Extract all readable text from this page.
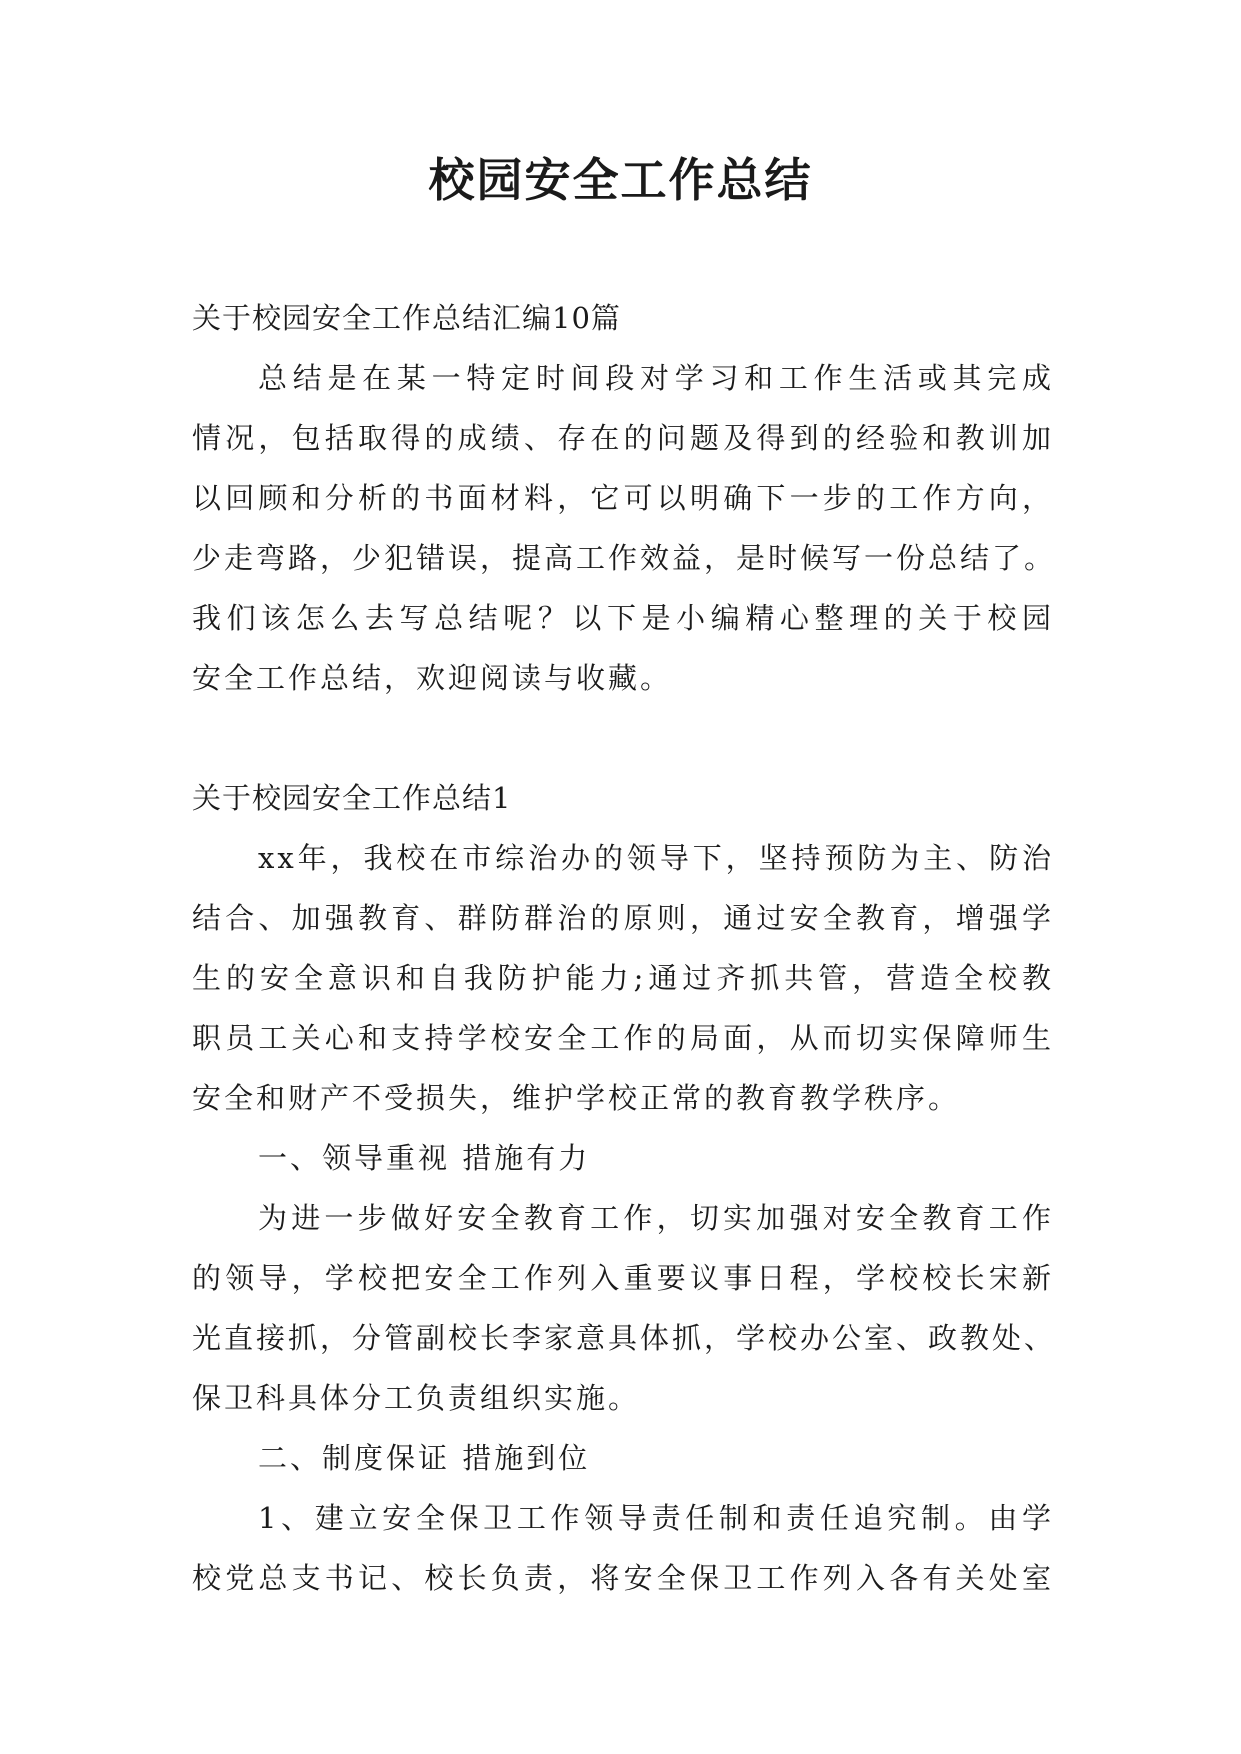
校园安全工作总结

关于校园安全工作总结汇编10篇

总结是在某一特定时间段对学习和工作生活或其完成

情况，包括取得的成绩、存在的问题及得到的经验和教训加

以回顾和分析的书面材料，它可以明确下一步的工作方向，

少走弯路，少犯错误，提高工作效益，是时候写一份总结了。

我们该怎么去写总结呢？以下是小编精心整理的关于校园

安全工作总结，欢迎阅读与收藏。

关于校园安全工作总结1

xx年，我校在市综治办的领导下，坚持预防为主、防治

结合、加强教育、群防群治的原则，通过安全教育，增强学

生的安全意识和自我防护能力;通过齐抓共管，营造全校教

职员工关心和支持学校安全工作的局面，从而切实保障师生

安全和财产不受损失，维护学校正常的教育教学秩序。

一、领导重视 措施有力

为进一步做好安全教育工作，切实加强对安全教育工作

的领导，学校把安全工作列入重要议事日程，学校校长宋新

光直接抓，分管副校长李家意具体抓，学校办公室、政教处、

保卫科具体分工负责组织实施。

二、制度保证 措施到位

1、建立安全保卫工作领导责任制和责任追究制。由学

校党总支书记、校长负责，将安全保卫工作列入各有关处室
